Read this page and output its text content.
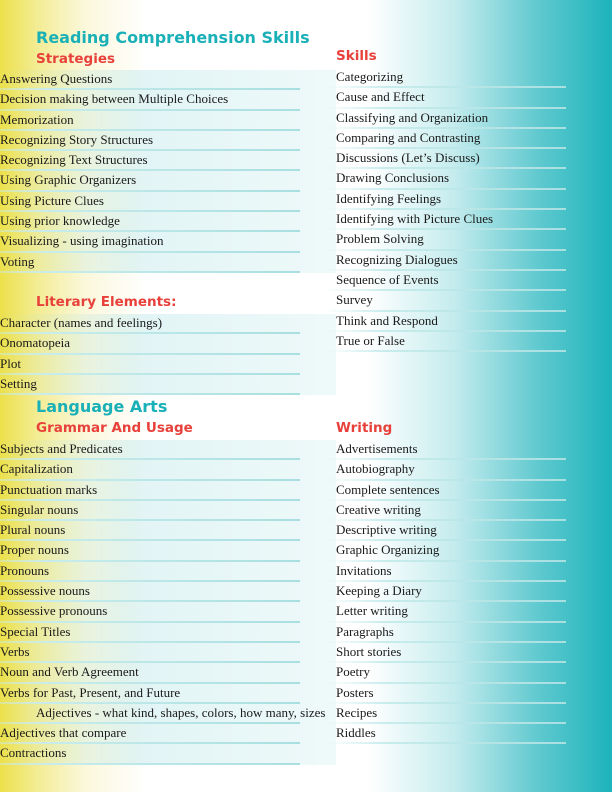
Reading Comprehension Skills
Strategies
Answering Questions
Decision making between Multiple Choices
Memorization
Recognizing Story Structures
Recognizing Text Structures
Using Graphic Organizers
Using Picture Clues
Using prior knowledge
Visualizing - using imagination
Voting
Literary Elements:
Character (names and feelings)
Onomatopeia
Plot
Setting
Skills
Categorizing
Cause and Effect
Classifying and Organization
Comparing and Contrasting
Discussions (Let’s Discuss)
Drawing Conclusions
Identifying Feelings
Identifying with Picture Clues
Problem Solving
Recognizing Dialogues
Sequence of Events
Survey
Think and Respond
True or False
Language Arts
Grammar And Usage
Subjects and Predicates
Capitalization
Punctuation marks
Singular nouns
Plural nouns
Proper nouns
Pronouns
Possessive nouns
Possessive pronouns
Special Titles
Verbs
Noun and Verb Agreement
Verbs for Past, Present, and Future
Adjectives - what kind, shapes, colors, how many, sizes
Adjectives that compare
Contractions
Writing
Advertisements
Autobiography
Complete sentences
Creative writing
Descriptive writing
Graphic Organizing
Invitations
Keeping a Diary
Letter writing
Paragraphs
Short stories
Poetry
Posters
Recipes
Riddles
